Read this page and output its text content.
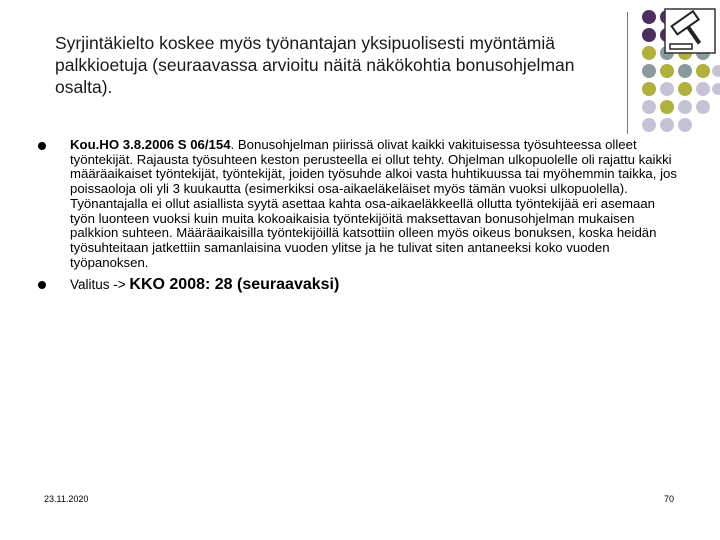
Syrjintäkielto koskee myös työnantajan yksipuolisesti myöntämiä palkkioetuja (seuraavassa arvioitu näitä näkökohtia bonusohjelman osalta).
Kou.HO 3.8.2006 S 06/154. Bonusohjelman piirissä olivat kaikki vakituisessa työsuhteessa olleet työntekijät. Rajausta työsuhteen keston perusteella ei ollut tehty. Ohjelman ulkopuolelle oli rajattu kaikki määräaikaiset työntekijät, työntekijät, joiden työsuhde alkoi vasta huhtikuussa tai myöhemmin taikka, jos poissaoloja oli yli 3 kuukautta (esimerkiksi osa-aikaeläkeläiset myös tämän vuoksi ulkopuolella). Työnantajalla ei ollut asiallista syytä asettaa kahta osa-aikaeläkkeellä ollutta työntekijää eri asemaan työn luonteen vuoksi kuin muita kokoaikaisia työntekijöitä maksettavan bonusohjelman mukaisen palkkion suhteen. Määräaikaisilla työntekijöillä katsottiin olleen myös oikeus bonuksen, koska heidän työsuhteitaan jatkettiin samanlaisina vuoden ylitse ja he tulivat siten antaneeksi koko vuoden työpanoksen.
Valitus -> KKO 2008: 28 (seuraavaksi)
23.11.2020	70
